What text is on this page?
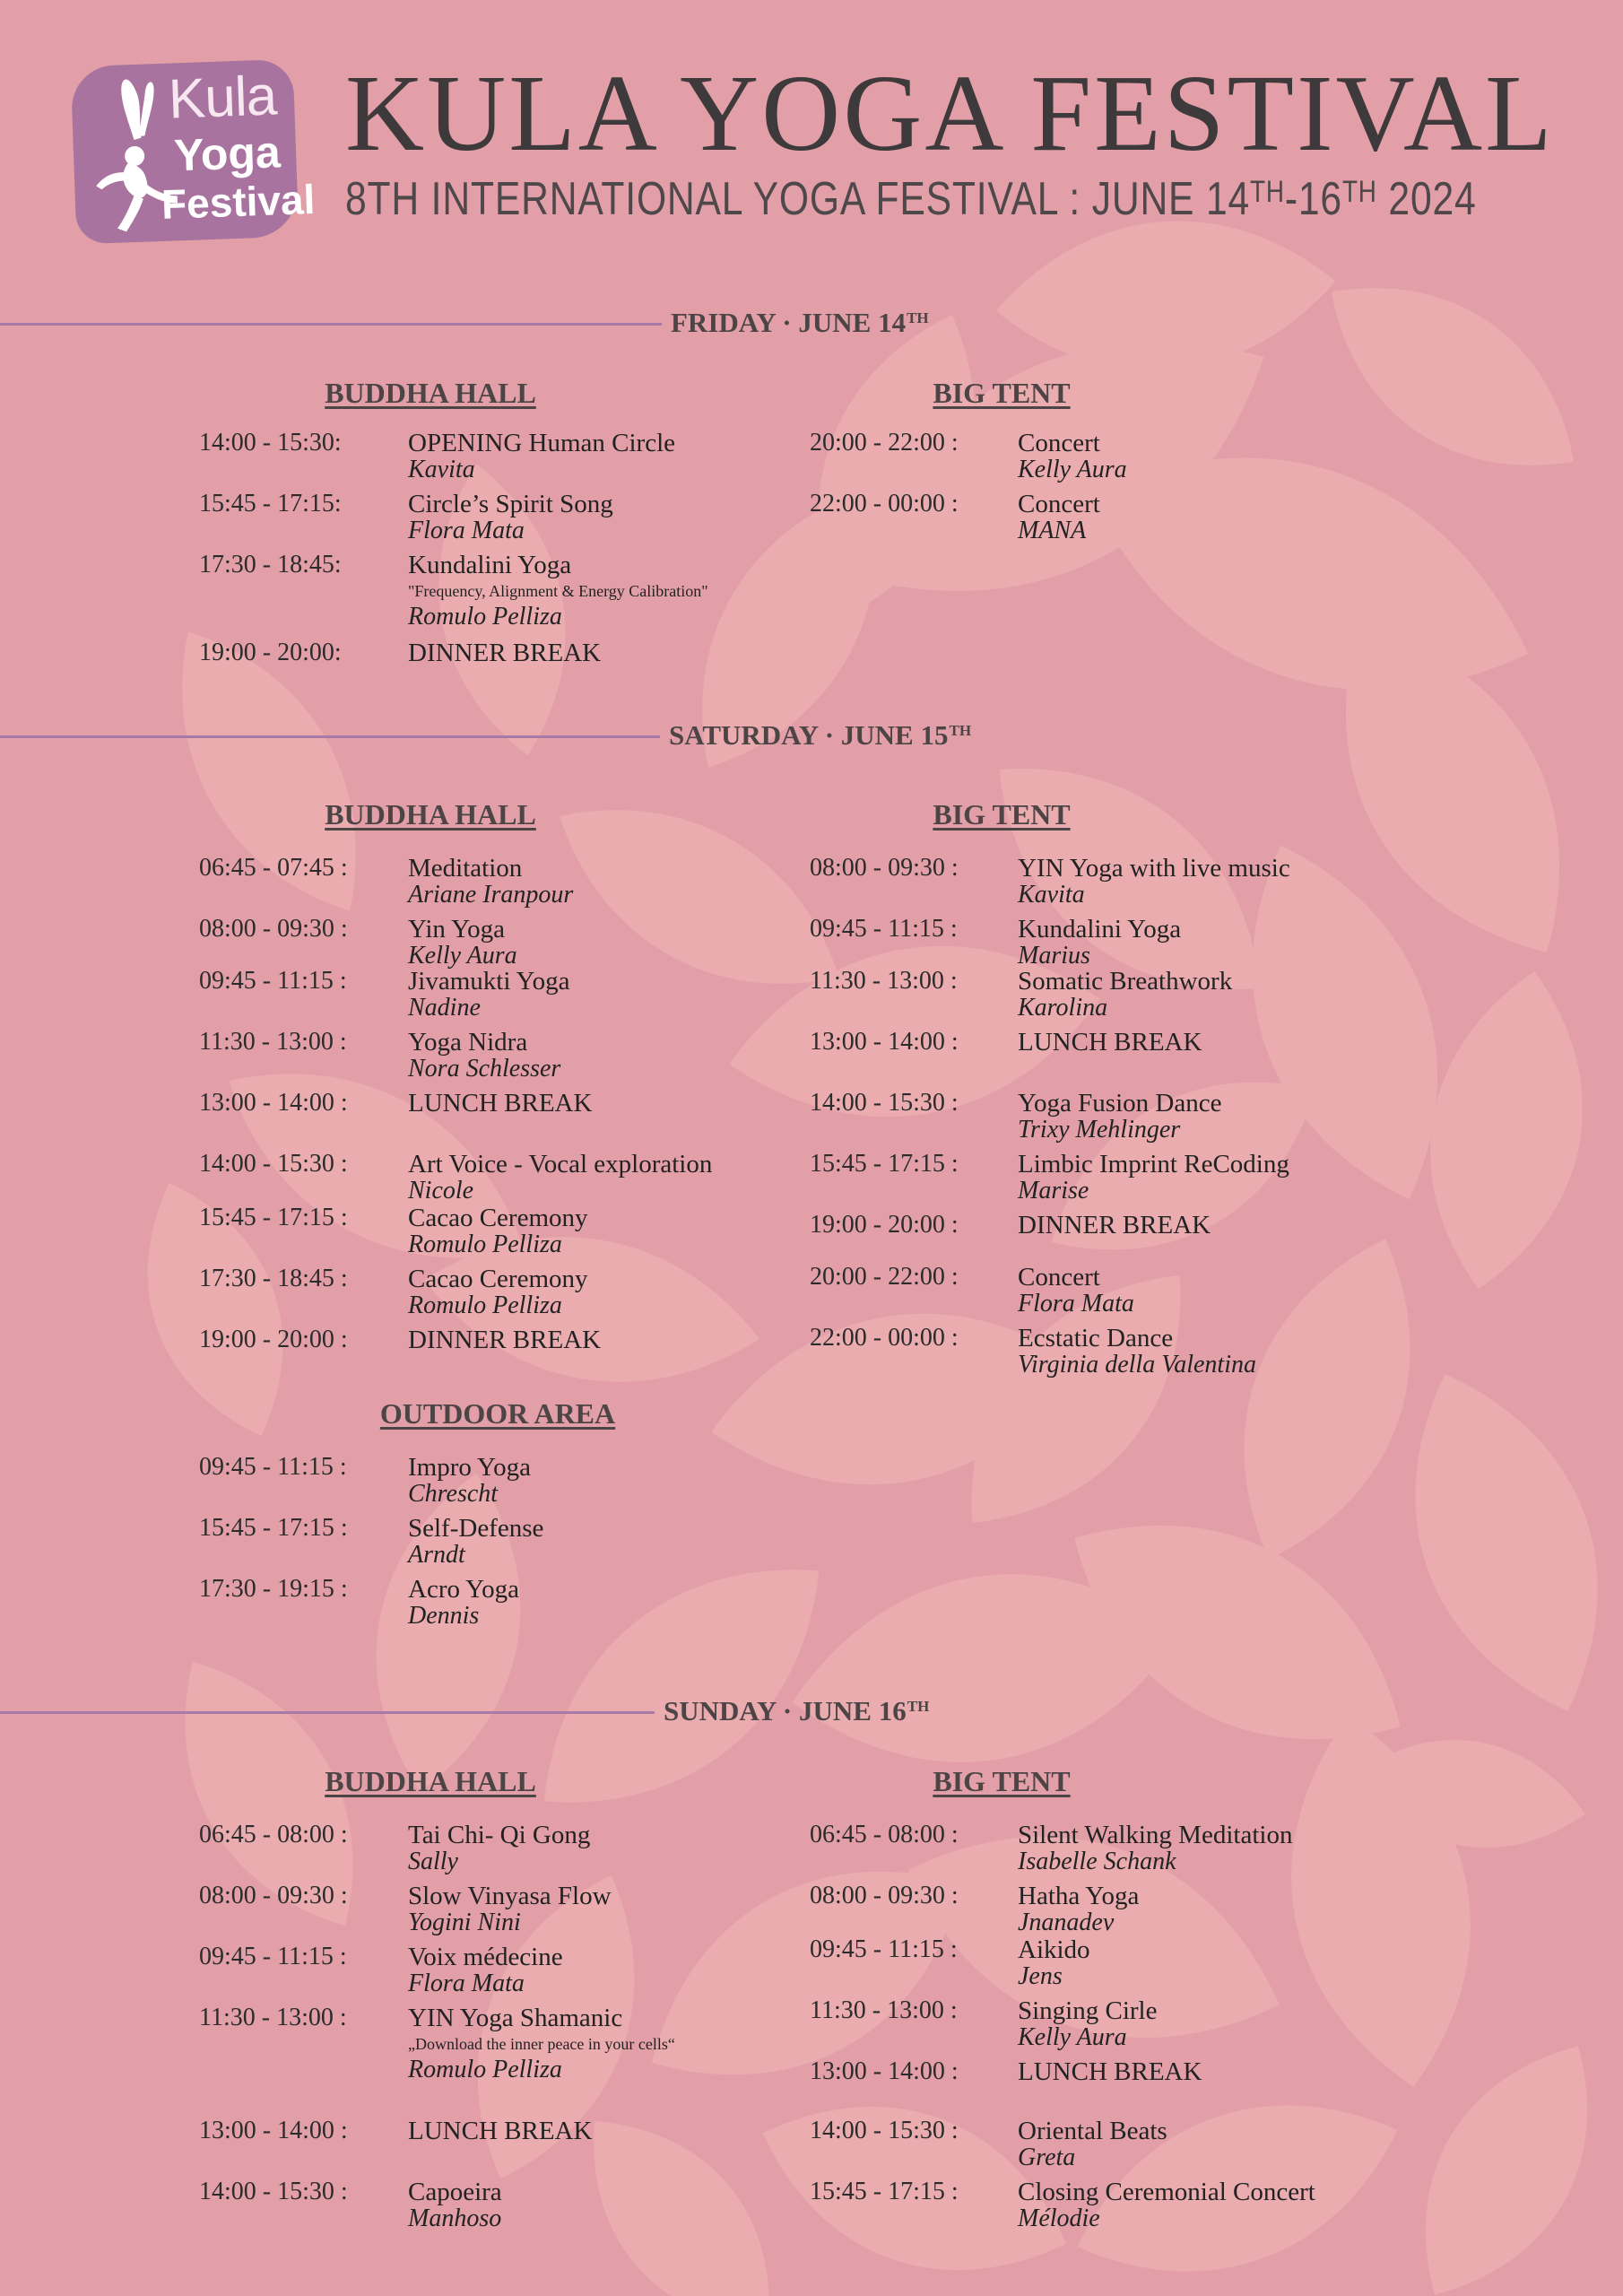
Kula
Yoga
Festival
KULA YOGA FESTIVAL
8TH INTERNATIONAL YOGA FESTIVAL : JUNE 14TH-16TH 2024
FRIDAY · JUNE 14TH
BUDDHA HALL	BIG TENT
14:00 - 15:30:	OPENING Human Circle
Kavita
15:45 - 17:15:	Circle’s Spirit Song
Flora Mata
17:30 - 18:45:	Kundalini Yoga
"Frequency, Alignment & Energy Calibration"
Romulo Pelliza
19:00 - 20:00:	DINNER BREAK
20:00 - 22:00 : Concert
Kelly Aura
22:00 - 00:00 : Concert
MANA
SATURDAY · JUNE 15TH
BUDDHA HALL	BIG TENT
OUTDOOR AREA
06:45 - 07:45 : Meditation
Ariane Iranpour
08:00 - 09:30 : Yin Yoga
Kelly Aura
09:45 - 11:15 : Jivamukti Yoga
Nadine
11:30 - 13:00 : Yoga Nidra
Nora Schlesser
13:00 - 14:00 : LUNCH BREAK
14:00 - 15:30 : Art Voice - Vocal exploration
Nicole
15:45 - 17:15 : Cacao Ceremony
Romulo Pelliza
17:30 - 18:45 : Cacao Ceremony
Romulo Pelliza
19:00 - 20:00 : DINNER BREAK
08:00 - 09:30 : YIN Yoga with live music
Kavita
09:45 - 11:15 : Kundalini Yoga
Marius
11:30 - 13:00 : Somatic Breathwork
Karolina
13:00 - 14:00 : LUNCH BREAK
14:00 - 15:30 : Yoga Fusion Dance
Trixy Mehlinger
15:45 - 17:15 : Limbic Imprint ReCoding
Marise
19:00 - 20:00 : DINNER BREAK
20:00 - 22:00 : Concert
Flora Mata
22:00 - 00:00 : Ecstatic Dance
Virginia della Valentina
09:45 - 11:15 : Impro Yoga
Chrescht
15:45 - 17:15 : Self-Defense
Arndt
17:30 - 19:15 : Acro Yoga
Dennis
SUNDAY · JUNE 16TH
BUDDHA HALL	BIG TENT
06:45 - 08:00 : Tai Chi- Qi Gong
Sally
08:00 - 09:30 : Slow Vinyasa Flow
Yogini Nini
09:45 - 11:15 : Voix médecine
Flora Mata
11:30 - 13:00 : YIN Yoga Shamanic
„Download the inner peace in your cells“
Romulo Pelliza
13:00 - 14:00 : LUNCH BREAK
14:00 - 15:30 : Capoeira
Manhoso
06:45 - 08:00 : Silent Walking Meditation
Isabelle Schank
08:00 - 09:30 : Hatha Yoga
Jnanadev
09:45 - 11:15 : Aikido
Jens
11:30 - 13:00 : Singing Cirle
Kelly Aura
13:00 - 14:00 : LUNCH BREAK
14:00 - 15:30 : Oriental Beats
Greta
15:45 - 17:15 : Closing Ceremonial Concert
Mélodie
